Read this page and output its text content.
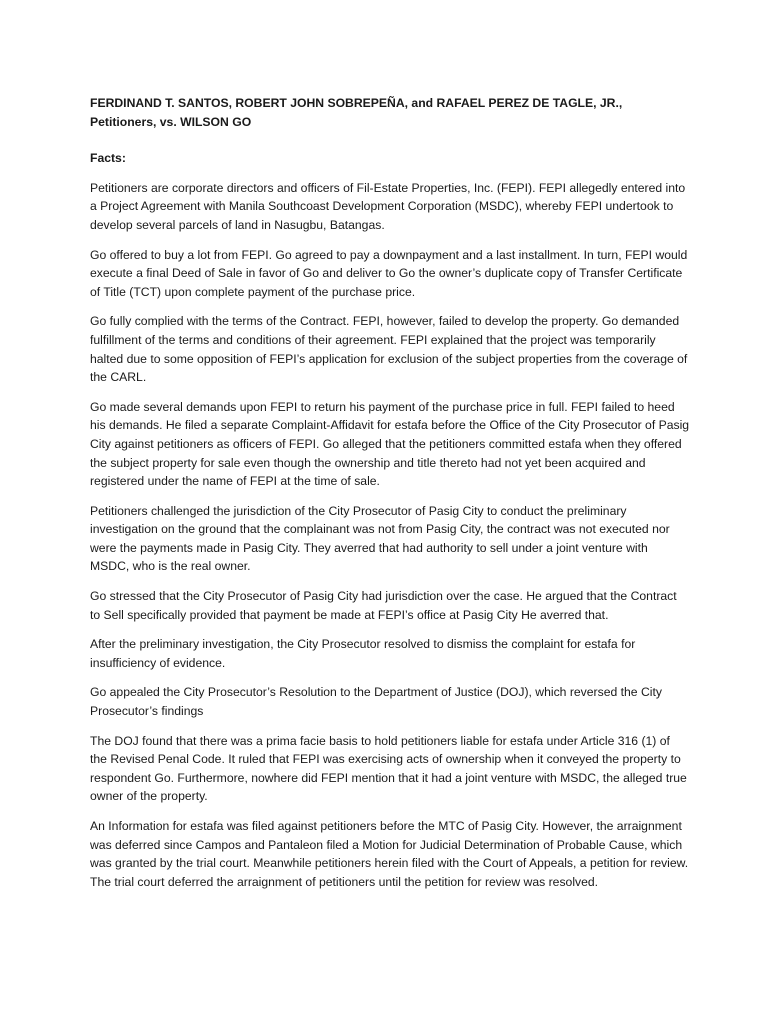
FERDINAND T. SANTOS, ROBERT JOHN SOBREPEÑA, and RAFAEL PEREZ DE TAGLE, JR., Petitioners, vs. WILSON GO

Facts:

Petitioners are corporate directors and officers of Fil-Estate Properties, Inc. (FEPI). FEPI allegedly entered into a Project Agreement with Manila Southcoast Development Corporation (MSDC), whereby FEPI undertook to develop several parcels of land in Nasugbu, Batangas.

Go offered to buy a lot from FEPI. Go agreed to pay a downpayment and a last installment. In turn, FEPI would execute a final Deed of Sale in favor of Go and deliver to Go the owner’s duplicate copy of Transfer Certificate of Title (TCT) upon complete payment of the purchase price.

Go fully complied with the terms of the Contract. FEPI, however, failed to develop the property. Go demanded fulfillment of the terms and conditions of their agreement. FEPI explained that the project was temporarily halted due to some opposition of FEPI’s application for exclusion of the subject properties from the coverage of the CARL.

Go made several demands upon FEPI to return his payment of the purchase price in full. FEPI failed to heed his demands. He filed a separate Complaint-Affidavit for estafa before the Office of the City Prosecutor of Pasig City against petitioners as officers of FEPI. Go alleged that the petitioners committed estafa when they offered the subject property for sale even though the ownership and title thereto had not yet been acquired and registered under the name of FEPI at the time of sale.

Petitioners challenged the jurisdiction of the City Prosecutor of Pasig City to conduct the preliminary investigation on the ground that the complainant was not from Pasig City, the contract was not executed nor were the payments made in Pasig City. They averred that had authority to sell under a joint venture with MSDC, who is the real owner.

Go stressed that the City Prosecutor of Pasig City had jurisdiction over the case. He argued that the Contract to Sell specifically provided that payment be made at FEPI’s office at Pasig City He averred that.

After the preliminary investigation, the City Prosecutor resolved to dismiss the complaint for estafa for insufficiency of evidence.

Go appealed the City Prosecutor’s Resolution to the Department of Justice (DOJ), which reversed the City Prosecutor’s findings

The DOJ found that there was a prima facie basis to hold petitioners liable for estafa under Article 316 (1) of the Revised Penal Code. It ruled that FEPI was exercising acts of ownership when it conveyed the property to respondent Go. Furthermore, nowhere did FEPI mention that it had a joint venture with MSDC, the alleged true owner of the property.

An Information for estafa was filed against petitioners before the MTC of Pasig City. However, the arraignment was deferred since Campos and Pantaleon filed a Motion for Judicial Determination of Probable Cause, which was granted by the trial court. Meanwhile petitioners herein filed with the Court of Appeals, a petition for review. The trial court deferred the arraignment of petitioners until the petition for review was resolved.
